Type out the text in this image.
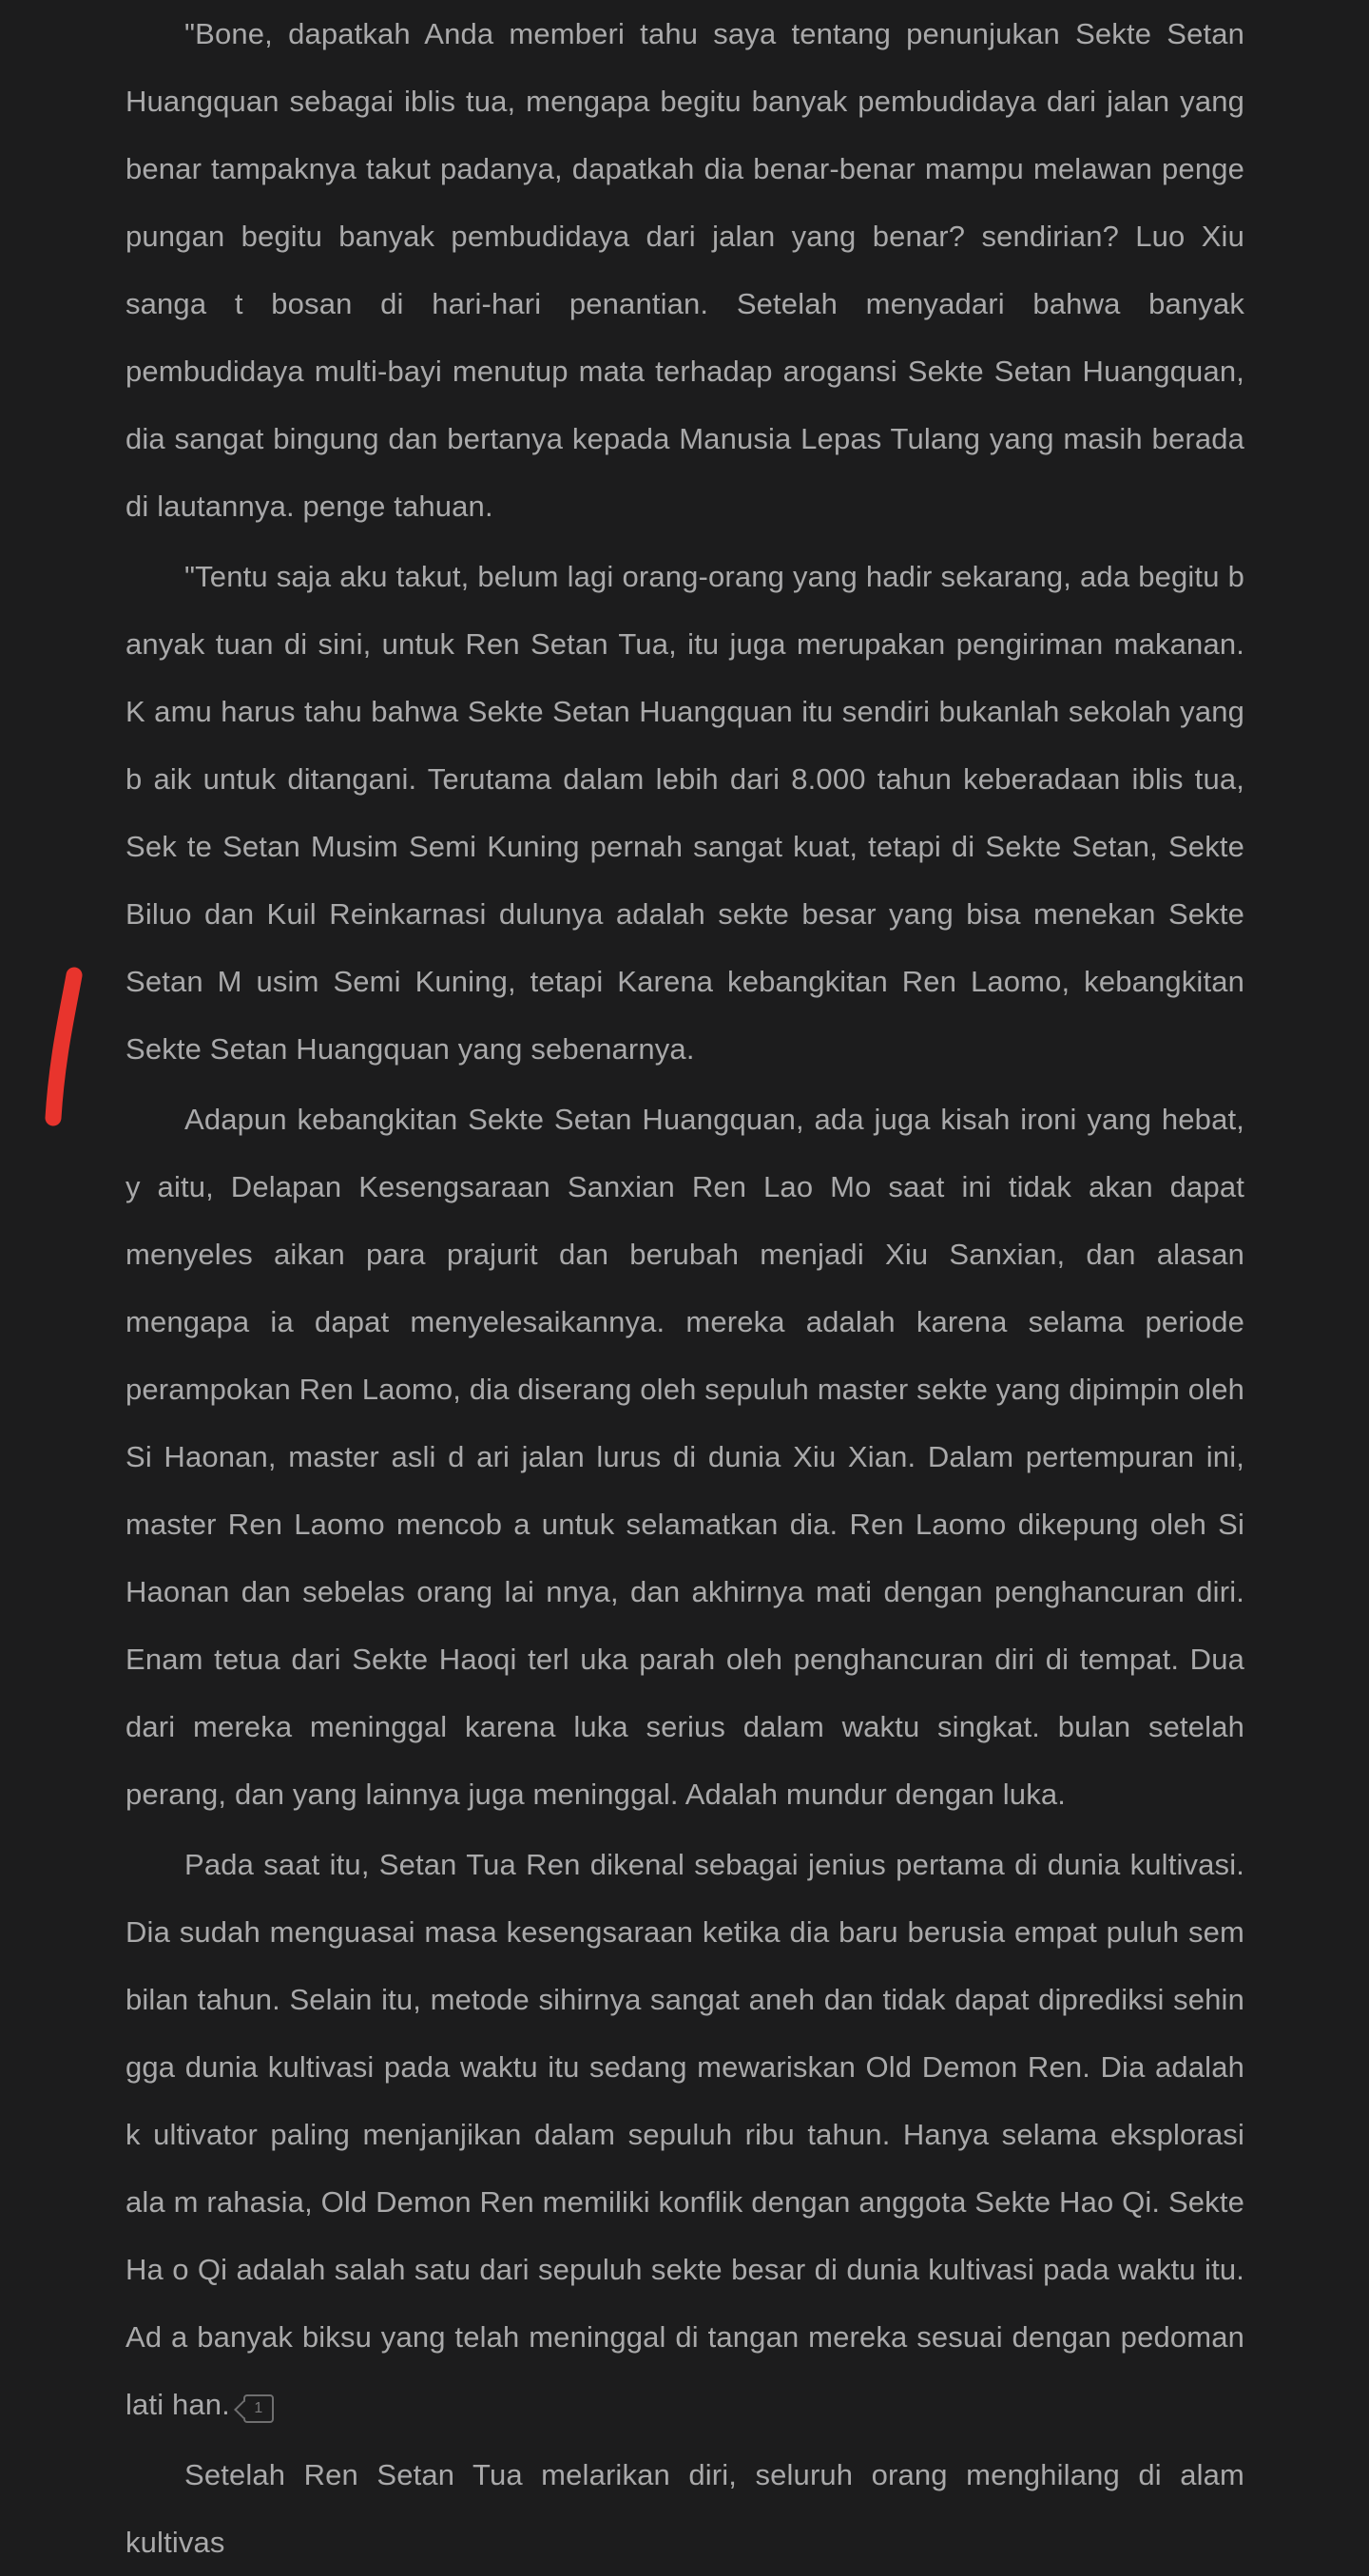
"Bone, dapatkah Anda memberi tahu saya tentang penunjukan Sekte Setan Huangquan sebagai iblis tua, mengapa begitu banyak pembudidaya dari jalan yang benar tampaknya takut padanya, dapatkah dia benar-benar mampu melawan penge pungan begitu banyak pembudidaya dari jalan yang benar? sendirian? Luo Xiu sanga t bosan di hari-hari penantian. Setelah menyadari bahwa banyak pembudidaya multi-bayi menutup mata terhadap arogansi Sekte Setan Huangquan, dia sangat bingung dan bertanya kepada Manusia Lepas Tulang yang masih berada di lautannya. penge tahuan.

"Tentu saja aku takut, belum lagi orang-orang yang hadir sekarang, ada begitu b anyak tuan di sini, untuk Ren Setan Tua, itu juga merupakan pengiriman makanan. K amu harus tahu bahwa Sekte Setan Huangquan itu sendiri bukanlah sekolah yang b aik untuk ditangani. Terutama dalam lebih dari 8.000 tahun keberadaan iblis tua, Sek te Setan Musim Semi Kuning pernah sangat kuat, tetapi di Sekte Setan, Sekte Biluo dan Kuil Reinkarnasi dulunya adalah sekte besar yang bisa menekan Sekte Setan M usim Semi Kuning, tetapi Karena kebangkitan Ren Laomo, kebangkitan Sekte Setan Huangquan yang sebenarnya.

Adapun kebangkitan Sekte Setan Huangquan, ada juga kisah ironi yang hebat, y aitu, Delapan Kesengsaraan Sanxian Ren Lao Mo saat ini tidak akan dapat menyeles aikan para prajurit dan berubah menjadi Xiu Sanxian, dan alasan mengapa ia dapat menyelesaikannya. mereka adalah karena selama periode perampokan Ren Laomo, dia diserang oleh sepuluh master sekte yang dipimpin oleh Si Haonan, master asli d ari jalan lurus di dunia Xiu Xian. Dalam pertempuran ini, master Ren Laomo mencob a untuk selamatkan dia. Ren Laomo dikepung oleh Si Haonan dan sebelas orang lai nnya, dan akhirnya mati dengan penghancuran diri. Enam tetua dari Sekte Haoqi terl uka parah oleh penghancuran diri di tempat. Dua dari mereka meninggal karena luka serius dalam waktu singkat. bulan setelah perang, dan yang lainnya juga meninggal. Adalah mundur dengan luka.

Pada saat itu, Setan Tua Ren dikenal sebagai jenius pertama di dunia kultivasi. Dia sudah menguasai masa kesengsaraan ketika dia baru berusia empat puluh sem bilan tahun. Selain itu, metode sihirnya sangat aneh dan tidak dapat diprediksi sehin gga dunia kultivasi pada waktu itu sedang mewariskan Old Demon Ren. Dia adalah k ultivator paling menjanjikan dalam sepuluh ribu tahun. Hanya selama eksplorasi ala m rahasia, Old Demon Ren memiliki konflik dengan anggota Sekte Hao Qi. Sekte Ha o Qi adalah salah satu dari sepuluh sekte besar di dunia kultivasi pada waktu itu. Ad a banyak biksu yang telah meninggal di tangan mereka sesuai dengan pedoman lati han. 1

Setelah Ren Setan Tua melarikan diri, seluruh orang menghilang di alam kultivas
